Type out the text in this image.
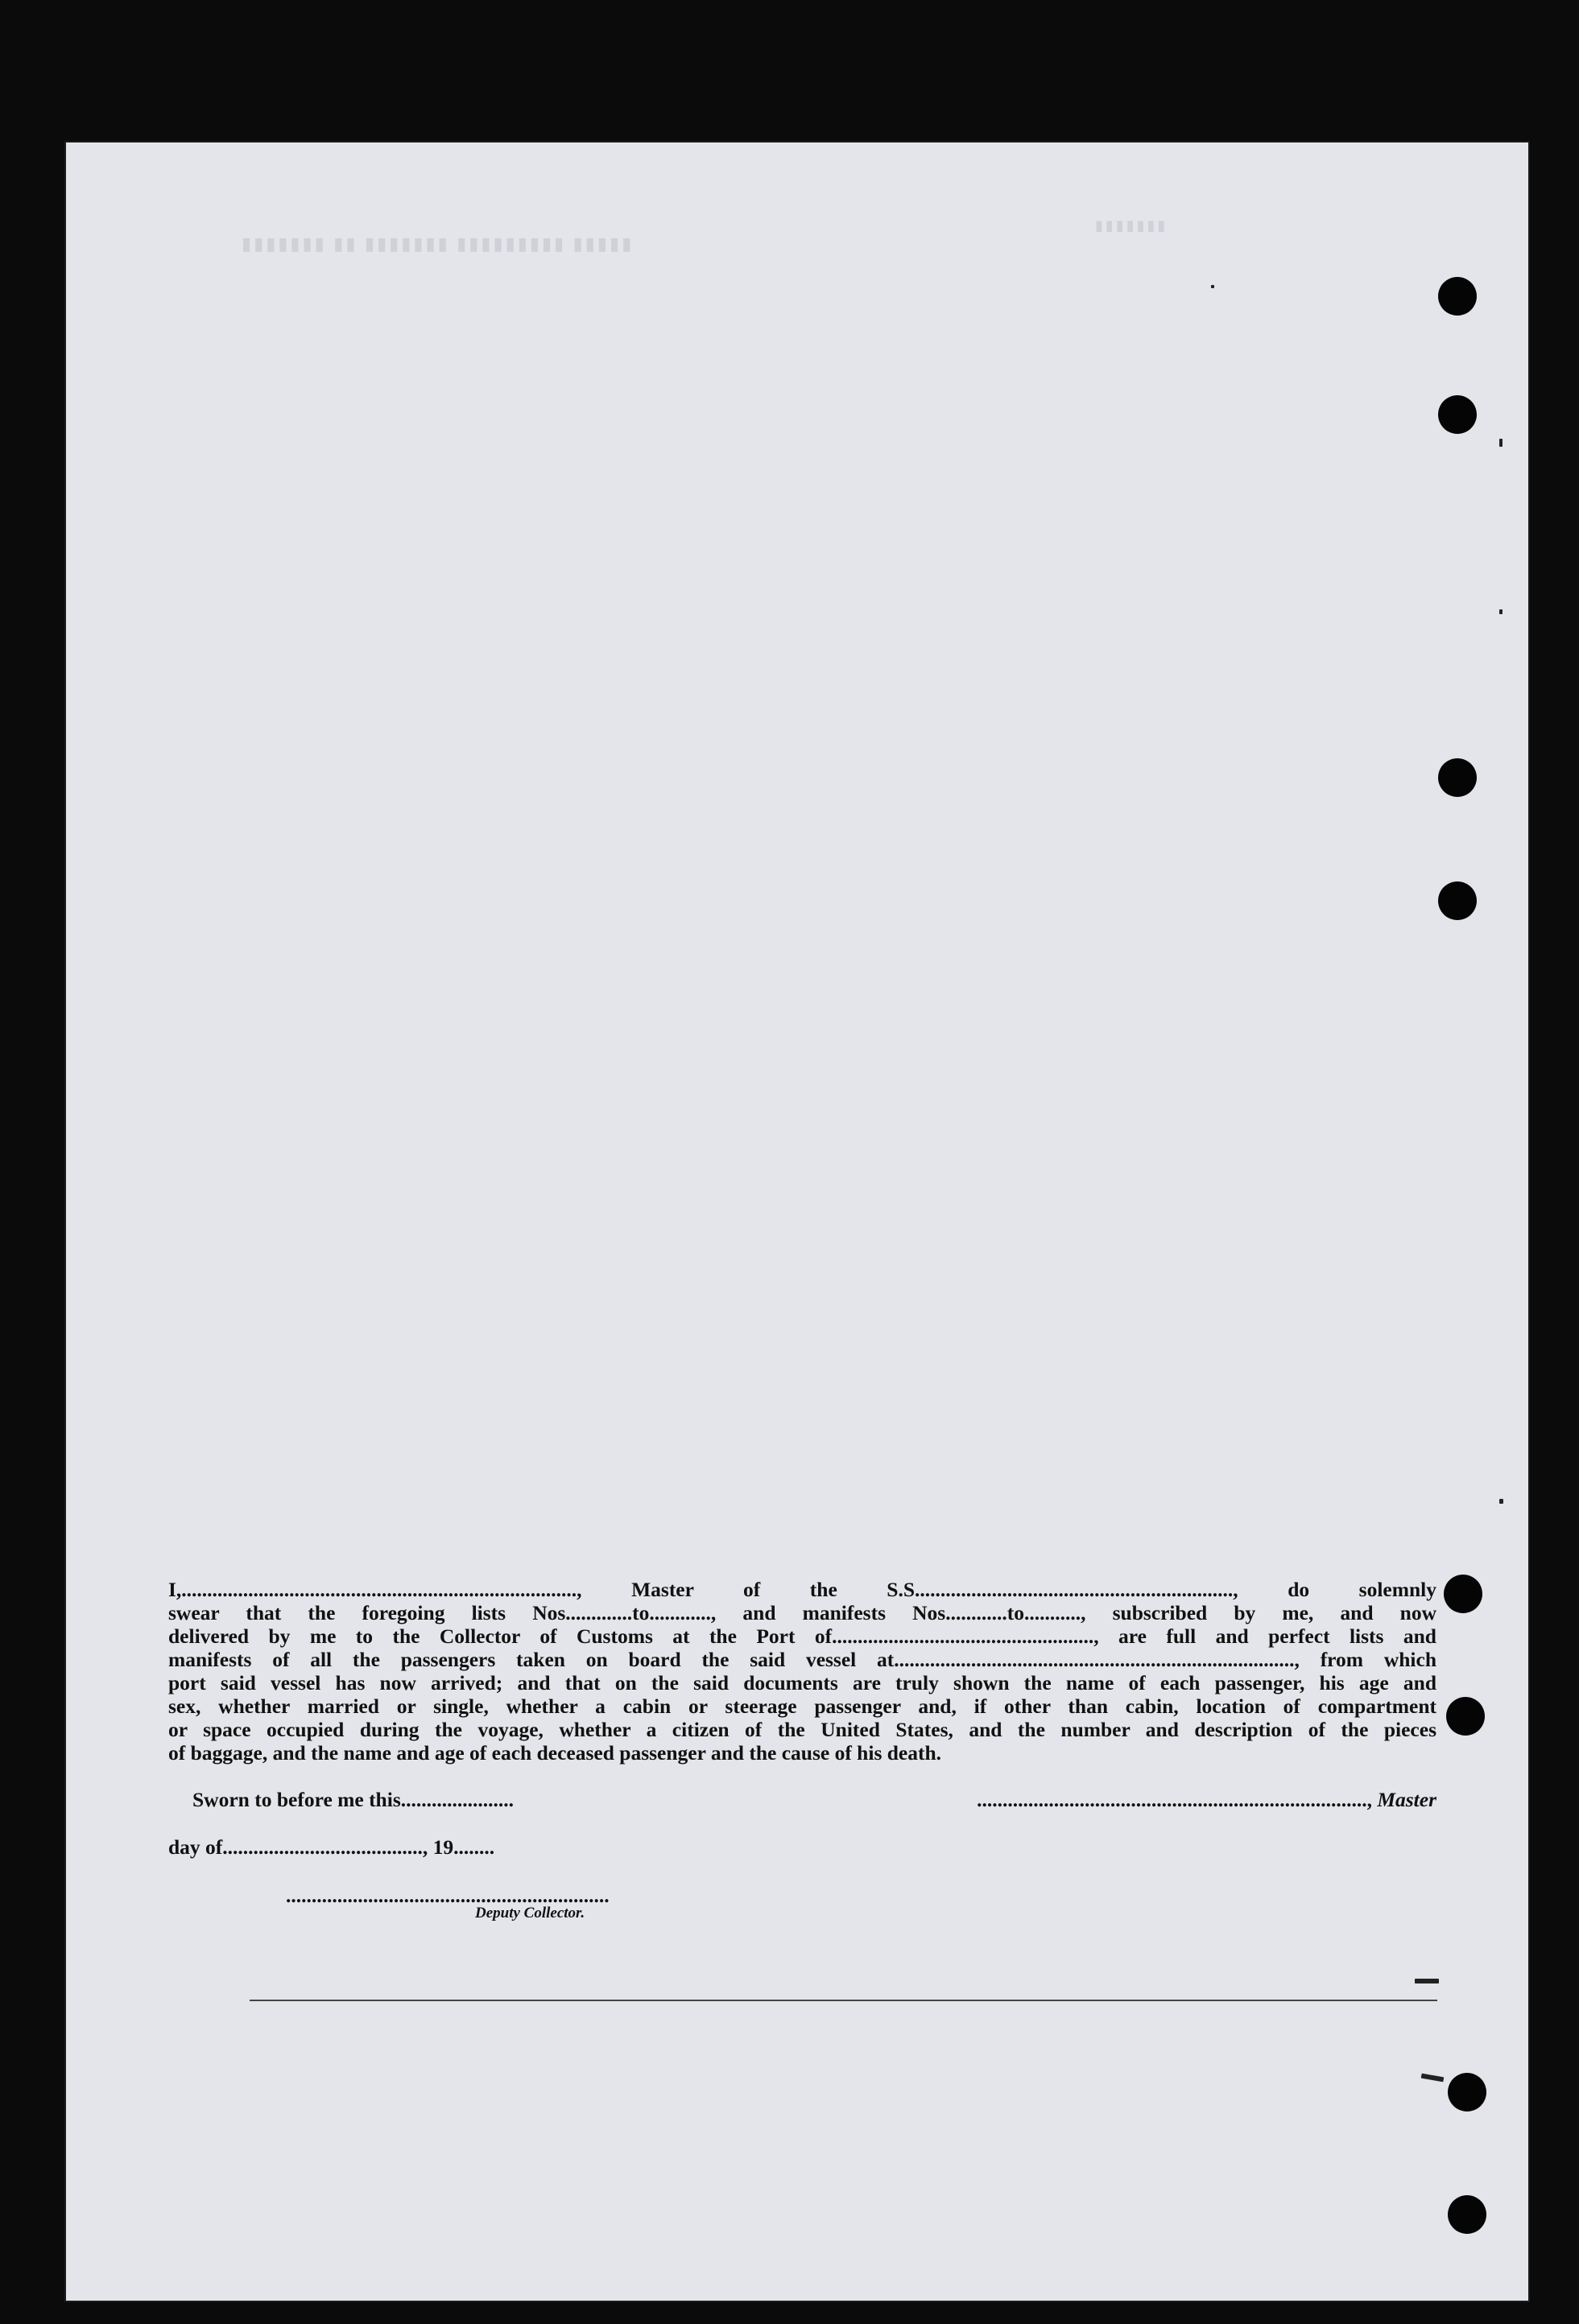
▮▮▮▮▮▮▮ ▮▮ ▮▮▮▮▮▮▮ ▮▮▮▮▮▮▮▮▮ ▮▮▮▮▮
▮▮▮▮▮▮▮
I,............................................................................., Master of the S.S.............................................................., do solemnly
swear that the foregoing lists Nos.............to............, and manifests Nos............to..........., subscribed by me, and now
delivered by me to the Collector of Customs at the Port of..................................................., are full and perfect lists and
manifests of all the passengers taken on board the said vessel at.............................................................................., from which
port said vessel has now arrived; and that on the said documents are truly shown the name of each passenger, his age and
sex, whether married or single, whether a cabin or steerage passenger and, if other than cabin, location of compartment
or space occupied during the voyage, whether a citizen of the United States, and the number and description of the pieces
of baggage, and the name and age of each deceased passenger and the cause of his death.
Sworn to before me this......................	............................................................................, Master
day of......................................., 19........
...............................................................
Deputy Collector.
